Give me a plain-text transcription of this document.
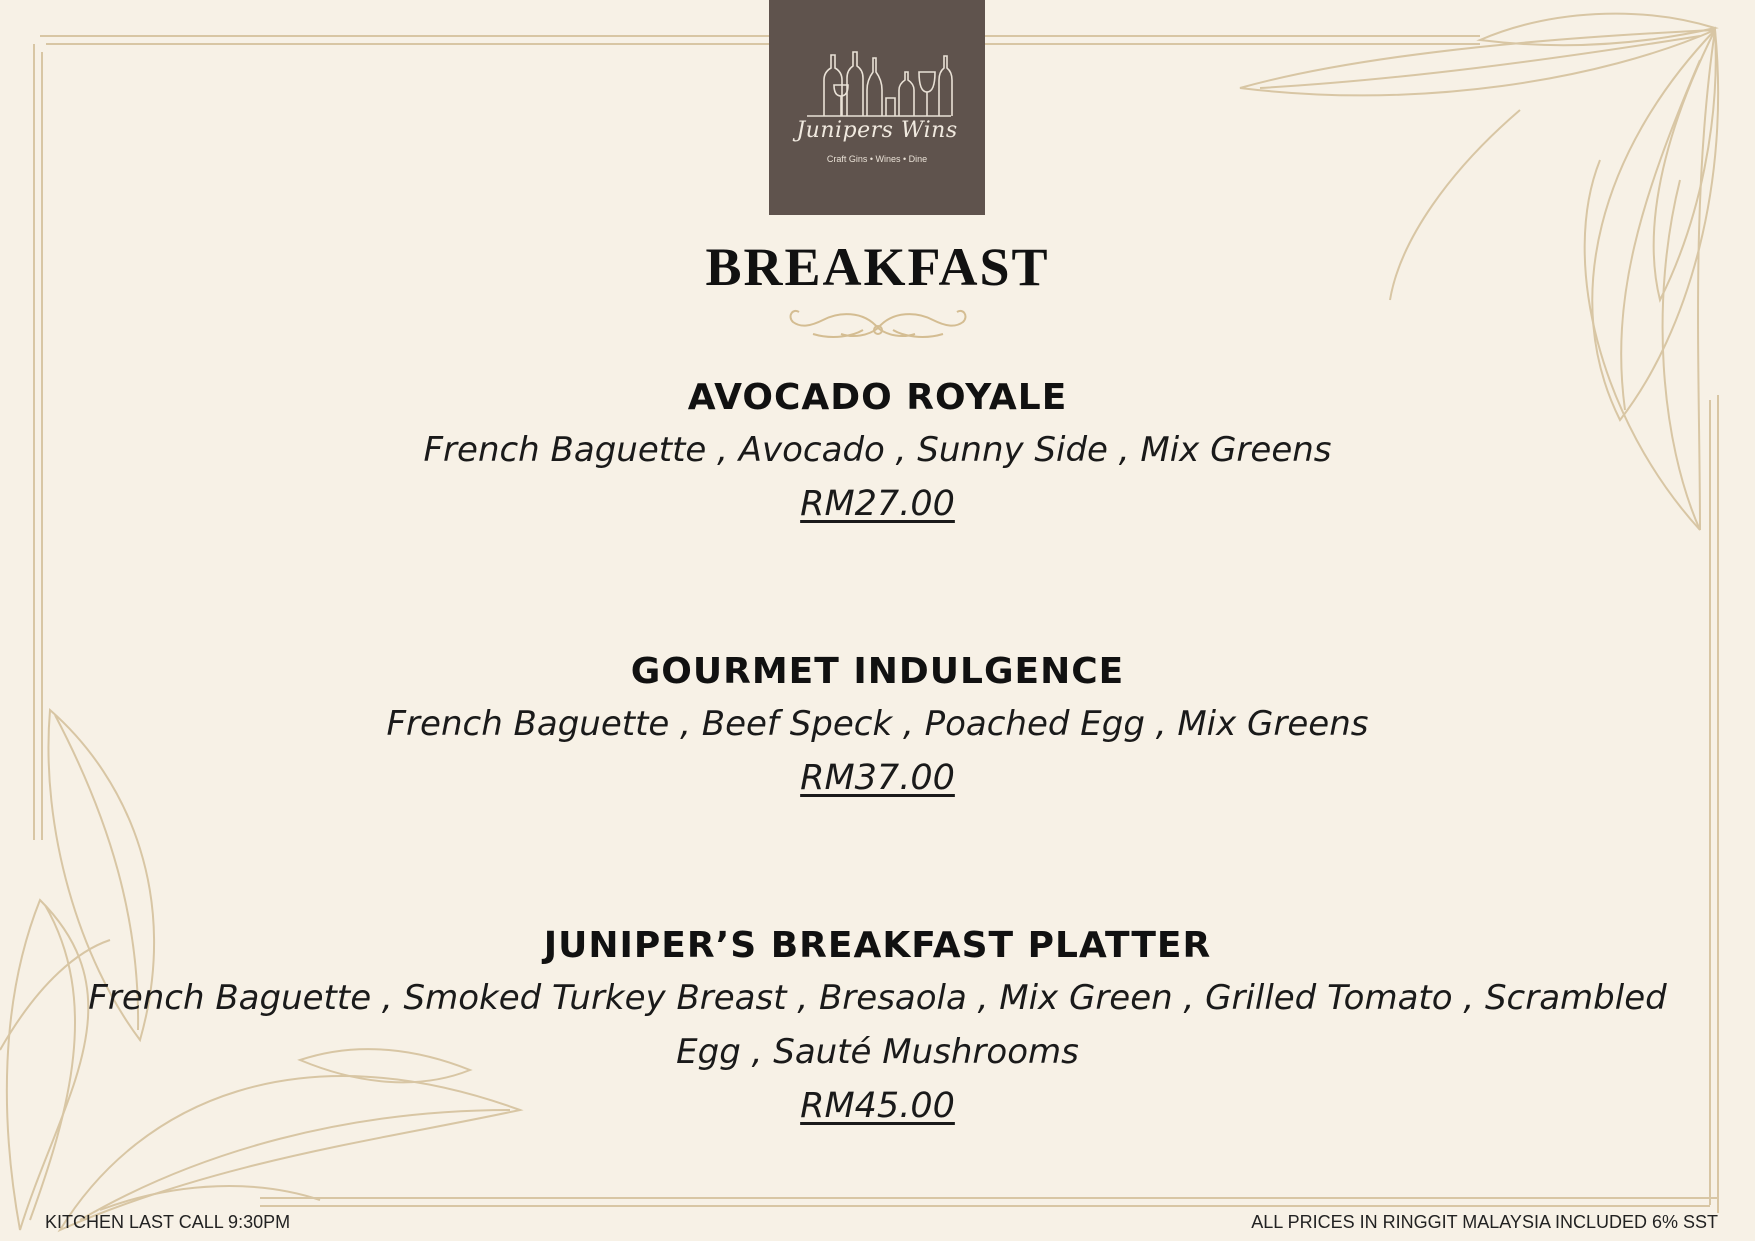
Junipers Wins
Craft Gins • Wines • Dine
BREAKFAST
AVOCADO ROYALE
French Baguette , Avocado , Sunny Side , Mix Greens
RM27.00
GOURMET INDULGENCE
French Baguette , Beef Speck , Poached Egg , Mix Greens
RM37.00
JUNIPER’S BREAKFAST PLATTER
French Baguette , Smoked Turkey Breast , Bresaola , Mix Green , Grilled Tomato , Scrambled Egg , Sauté Mushrooms
RM45.00
KITCHEN LAST CALL 9:30PM	ALL PRICES IN RINGGIT MALAYSIA INCLUDED 6% SST
